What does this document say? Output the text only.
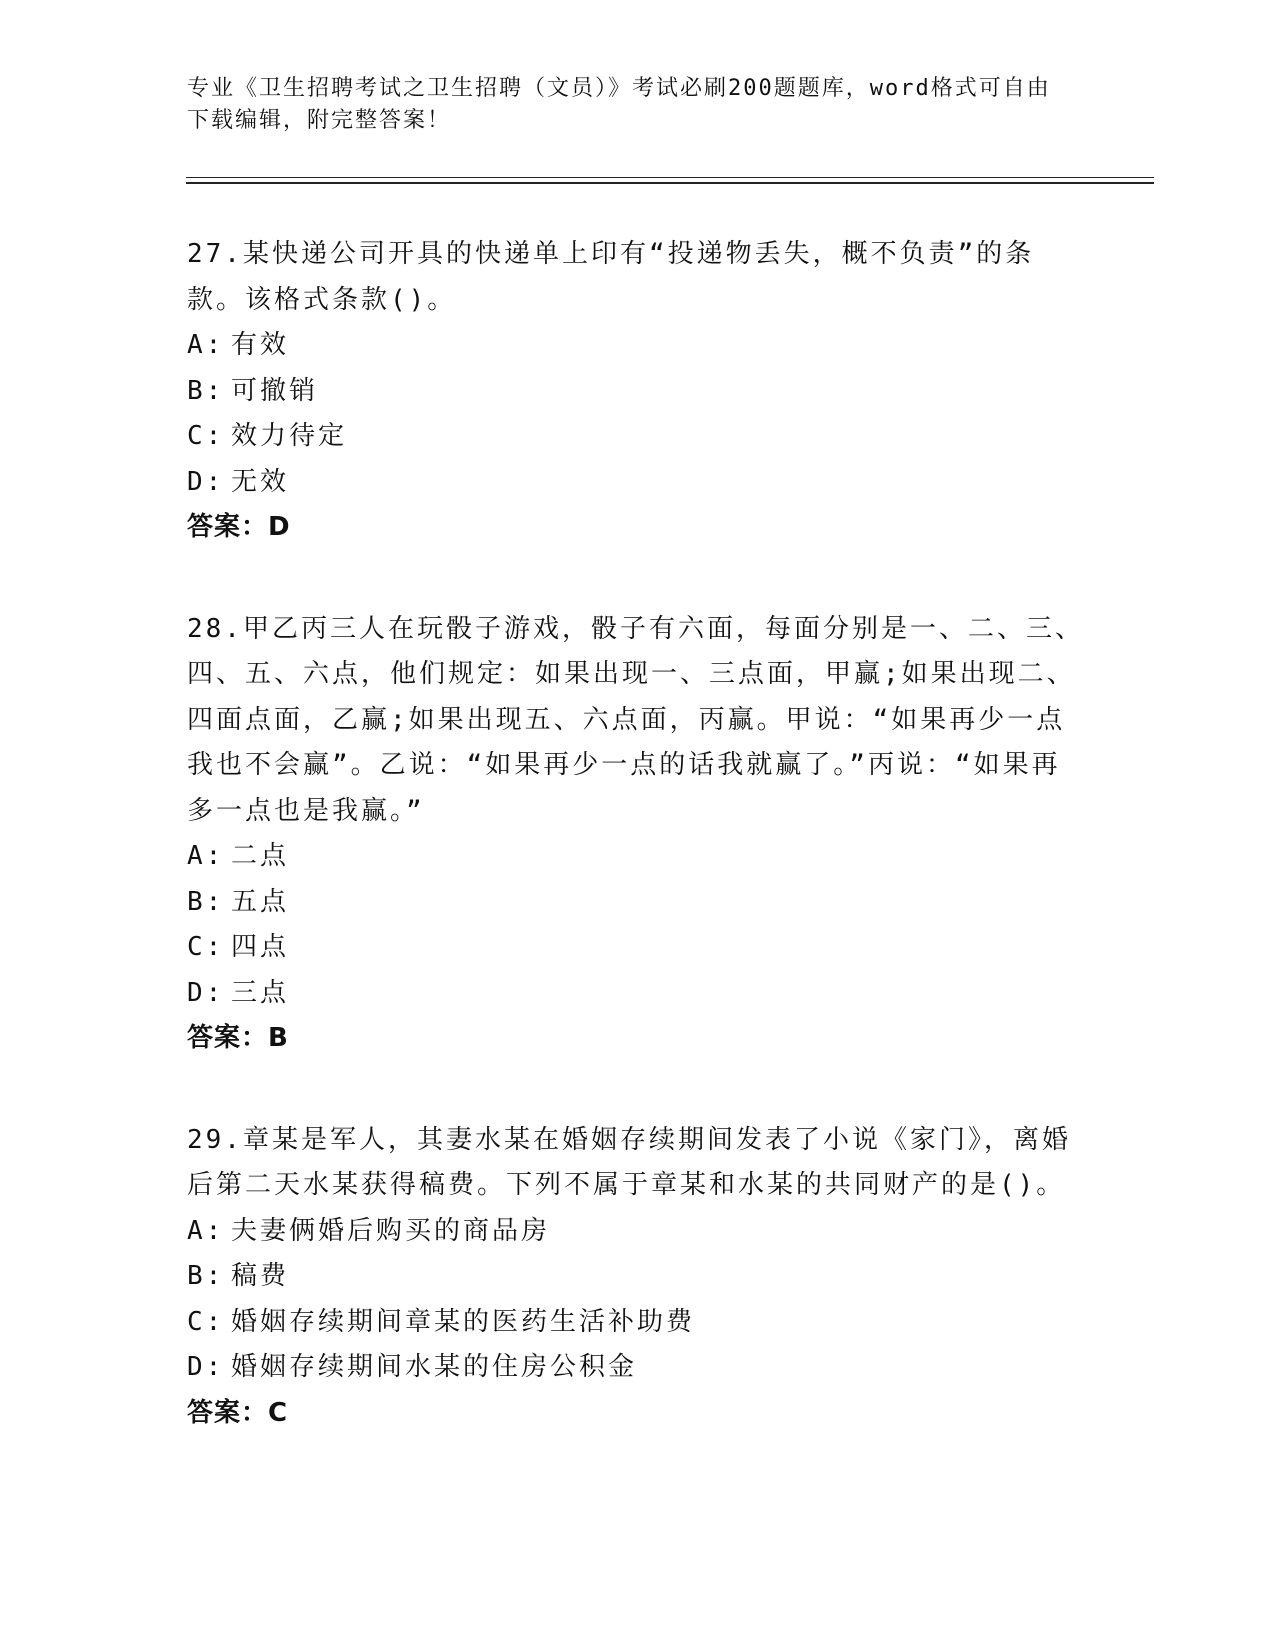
专业《卫生招聘考试之卫生招聘（文员）》考试必刷200题题库，word格式可自由下载编辑，附完整答案！
27.某快递公司开具的快递单上印有“投递物丢失，概不负责”的条款。该格式条款()。
A: 有效
B: 可撤销
C: 效力待定
D: 无效
答案：D
28.甲乙丙三人在玩骰子游戏，骰子有六面，每面分别是一、二、三、四、五、六点，他们规定：如果出现一、三点面，甲赢;如果出现二、四面点面，乙赢;如果出现五、六点面，丙赢。甲说：“如果再少一点我也不会赢”。乙说：“如果再少一点的话我就赢了。”丙说：“如果再多一点也是我赢。”
A: 二点
B: 五点
C: 四点
D: 三点
答案：B
29.章某是军人，其妻水某在婚姻存续期间发表了小说《家门》，离婚后第二天水某获得稿费。下列不属于章某和水某的共同财产的是()。
A: 夫妻俩婚后购买的商品房
B: 稿费
C: 婚姻存续期间章某的医药生活补助费
D: 婚姻存续期间水某的住房公积金
答案：C
